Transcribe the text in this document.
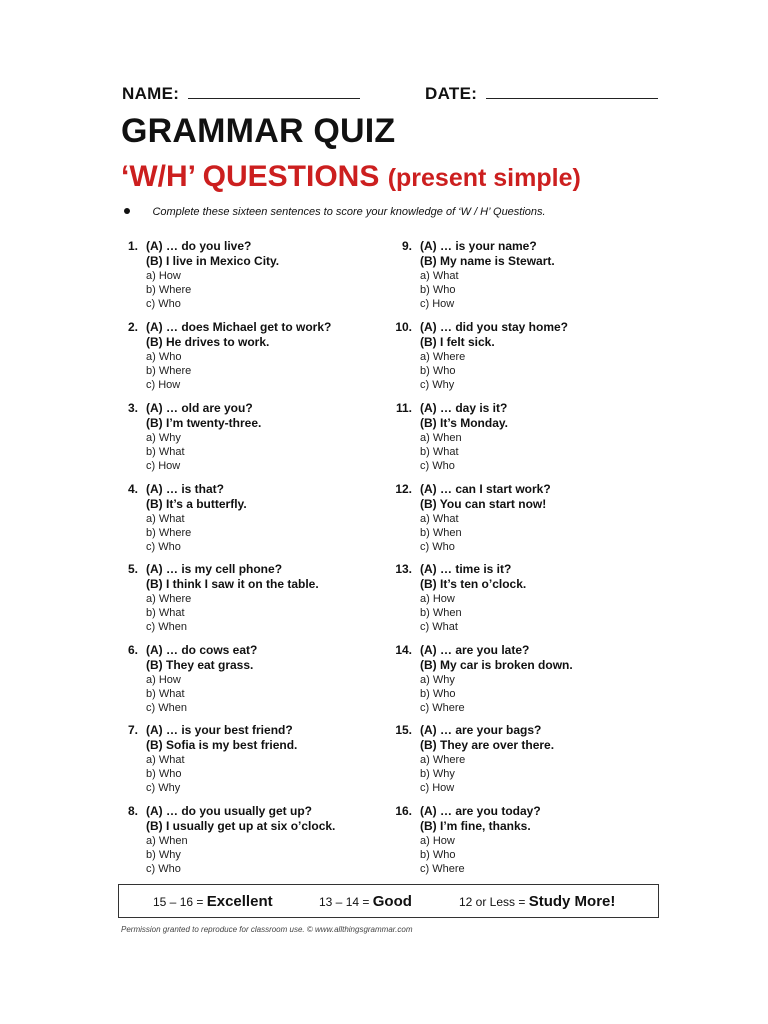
NAME:	DATE:
GRAMMAR QUIZ
‘W/H’ QUESTIONS (present simple)
Complete these sixteen sentences to score your knowledge of ‘W / H’ Questions.
1. (A) … do you live?
(B) I live in Mexico City.
a) How
b) Where
c) Who
2. (A) … does Michael get to work?
(B) He drives to work.
a) Who
b) Where
c) How
3. (A) … old are you?
(B) I’m twenty-three.
a) Why
b) What
c) How
4. (A) … is that?
(B) It’s a butterfly.
a) What
b) Where
c) Who
5. (A) … is my cell phone?
(B) I think I saw it on the table.
a) Where
b) What
c) When
6. (A) … do cows eat?
(B) They eat grass.
a) How
b) What
c) When
7. (A) … is your best friend?
(B) Sofia is my best friend.
a) What
b) Who
c) Why
8. (A) … do you usually get up?
(B) I usually get up at six o’clock.
a) When
b) Why
c) Who
9. (A) … is your name?
(B) My name is Stewart.
a) What
b) Who
c) How
10. (A) … did you stay home?
(B) I felt sick.
a) Where
b) Who
c) Why
11. (A) … day is it?
(B) It’s Monday.
a) When
b) What
c) Who
12. (A) … can I start work?
(B) You can start now!
a) What
b) When
c) Who
13. (A) … time is it?
(B) It’s ten o’clock.
a) How
b) When
c) What
14. (A) … are you late?
(B) My car is broken down.
a) Why
b) Who
c) Where
15. (A) … are your bags?
(B) They are over there.
a) Where
b) Why
c) How
16. (A) … are you today?
(B) I’m fine, thanks.
a) How
b) Who
c) Where
15 – 16 = Excellent	13 – 14 = Good	12 or Less = Study More!
Permission granted to reproduce for classroom use. © www.allthingsgrammar.com
